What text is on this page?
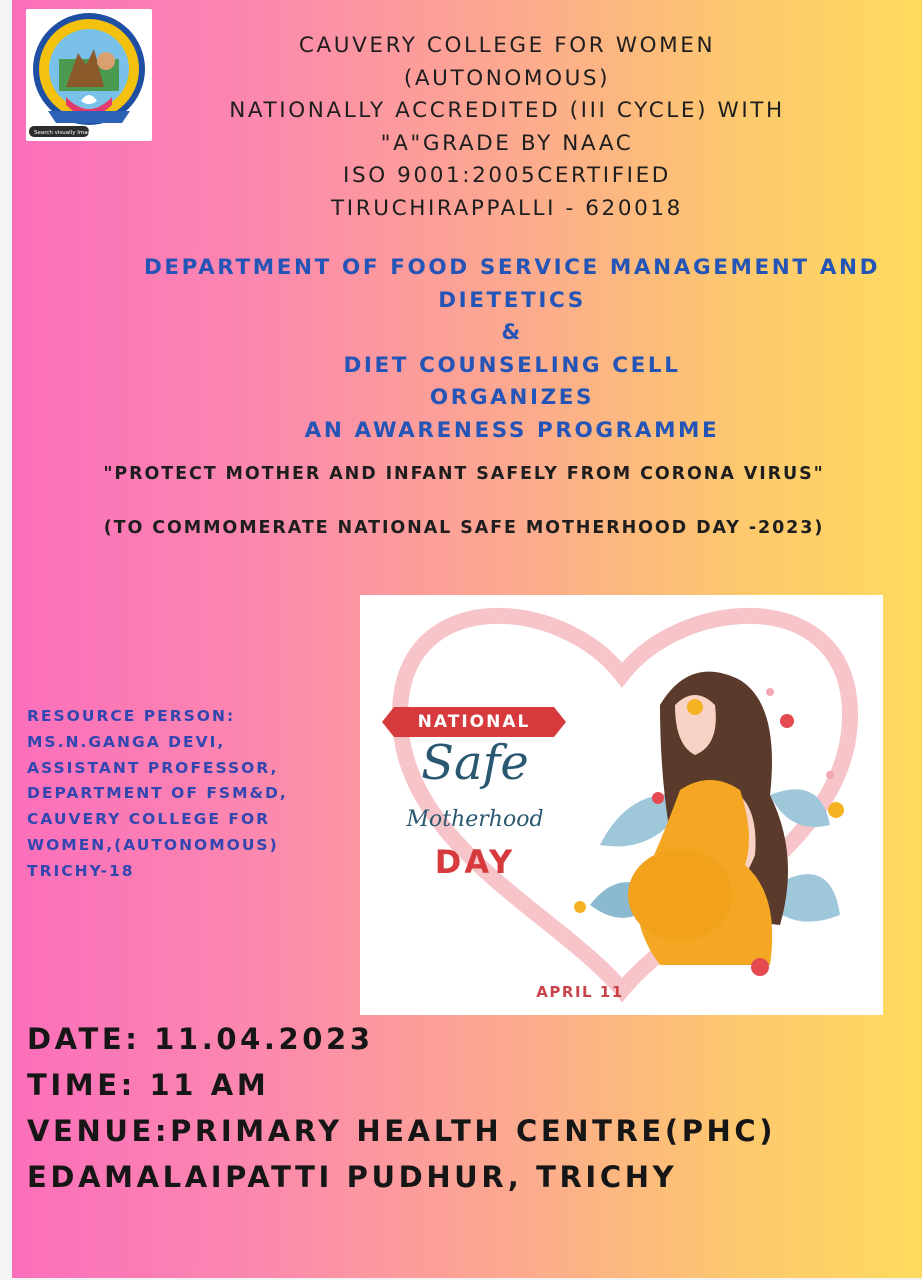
Search visually Images
CAUVERY COLLEGE FOR WOMEN
(AUTONOMOUS)
NATIONALLY ACCREDITED (III CYCLE) WITH
"A"GRADE BY NAAC
ISO 9001:2005CERTIFIED
TIRUCHIRAPPALLI - 620018
DEPARTMENT OF FOOD SERVICE MANAGEMENT AND
DIETETICS
&
DIET COUNSELING CELL
ORGANIZES
AN AWARENESS PROGRAMME
"PROTECT MOTHER AND INFANT SAFELY FROM CORONA VIRUS"
(TO COMMOMERATE NATIONAL SAFE MOTHERHOOD DAY -2023)
RESOURCE PERSON:
MS.N.GANGA DEVI,
ASSISTANT PROFESSOR,
DEPARTMENT OF FSM&D,
CAUVERY COLLEGE FOR
WOMEN,(AUTONOMOUS)
TRICHY-18
NATIONAL
Safe
Motherhood
DAY
APRIL 11
DATE: 11.04.2023
TIME: 11 AM
VENUE:PRIMARY HEALTH CENTRE(PHC)
EDAMALAIPATTI PUDHUR, TRICHY
